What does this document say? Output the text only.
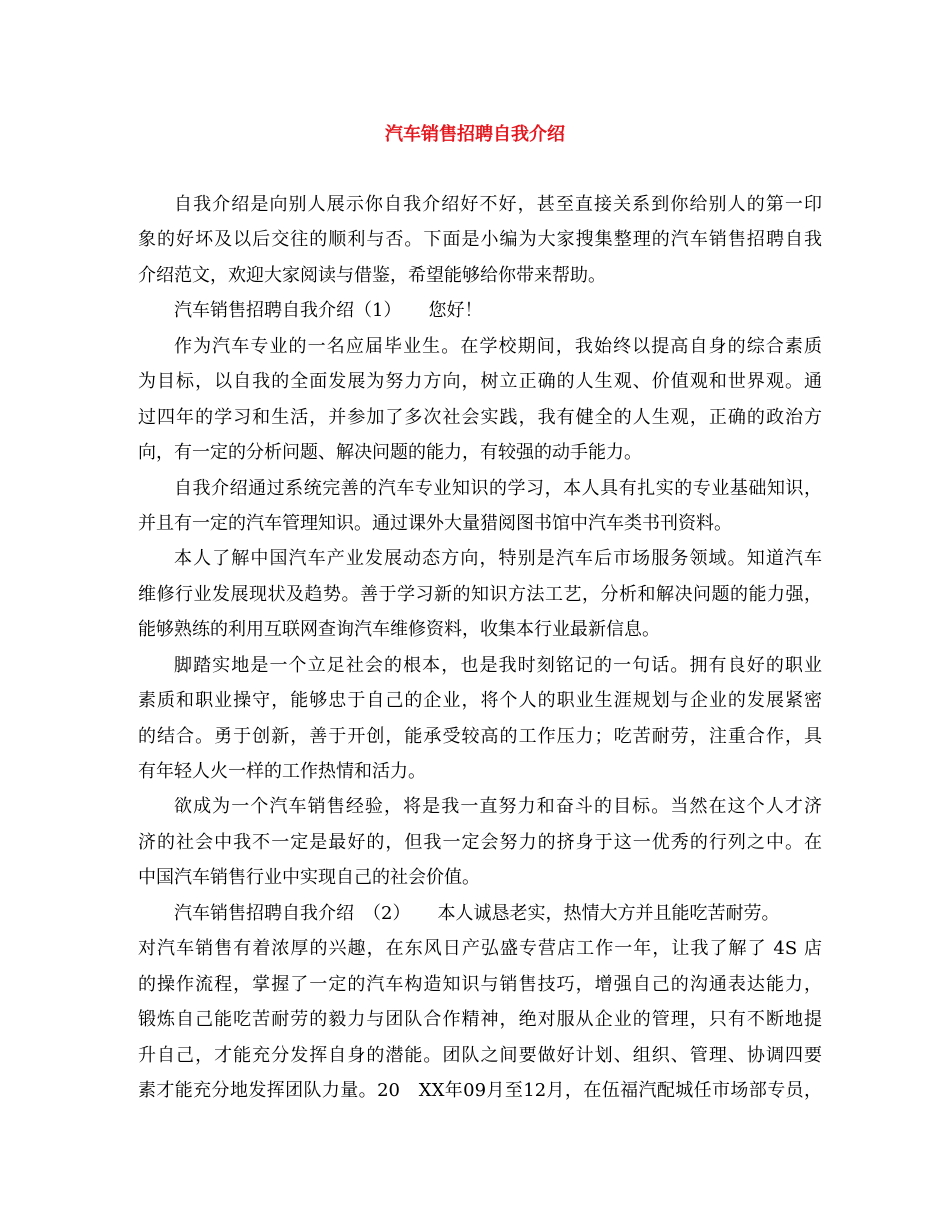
汽车销售招聘自我介绍
自我介绍是向别人展示你自我介绍好不好，甚至直接关系到你给别人的第一印
象的好坏及以后交往的顺利与否。下面是小编为大家搜集整理的汽车销售招聘自我
介绍范文，欢迎大家阅读与借鉴，希望能够给你带来帮助。
汽车销售招聘自我介绍（1）　　您好！
作为汽车专业的一名应届毕业生。在学校期间，我始终以提高自身的综合素质
为目标，以自我的全面发展为努力方向，树立正确的人生观、价值观和世界观。通
过四年的学习和生活，并参加了多次社会实践，我有健全的人生观，正确的政治方
向，有一定的分析问题、解决问题的能力，有较强的动手能力。
自我介绍通过系统完善的汽车专业知识的学习，本人具有扎实的专业基础知识，
并且有一定的汽车管理知识。通过课外大量猎阅图书馆中汽车类书刊资料。
本人了解中国汽车产业发展动态方向，特别是汽车后市场服务领域。知道汽车
维修行业发展现状及趋势。善于学习新的知识方法工艺，分析和解决问题的能力强，
能够熟练的利用互联网查询汽车维修资料，收集本行业最新信息。
脚踏实地是一个立足社会的根本，也是我时刻铭记的一句话。拥有良好的职业
素质和职业操守，能够忠于自己的企业，将个人的职业生涯规划与企业的发展紧密
的结合。勇于创新，善于开创，能承受较高的工作压力；吃苦耐劳，注重合作，具
有年轻人火一样的工作热情和活力。
欲成为一个汽车销售经验，将是我一直努力和奋斗的目标。当然在这个人才济
济的社会中我不一定是最好的，但我一定会努力的挤身于这一优秀的行列之中。在
中国汽车销售行业中实现自己的社会价值。
汽车销售招聘自我介绍　（2）　　本人诚恳老实，热情大方并且能吃苦耐劳。
对汽车销售有着浓厚的兴趣，在东风日产弘盛专营店工作一年，让我了解了 4S 店
的操作流程，掌握了一定的汽车构造知识与销售技巧，增强自己的沟通表达能力，
锻炼自己能吃苦耐劳的毅力与团队合作精神，绝对服从企业的管理，只有不断地提
升自己，才能充分发挥自身的潜能。团队之间要做好计划、组织、管理、协调四要
素才能充分地发挥团队力量。20　XX年09月至12月，在伍福汽配城任市场部专员，
